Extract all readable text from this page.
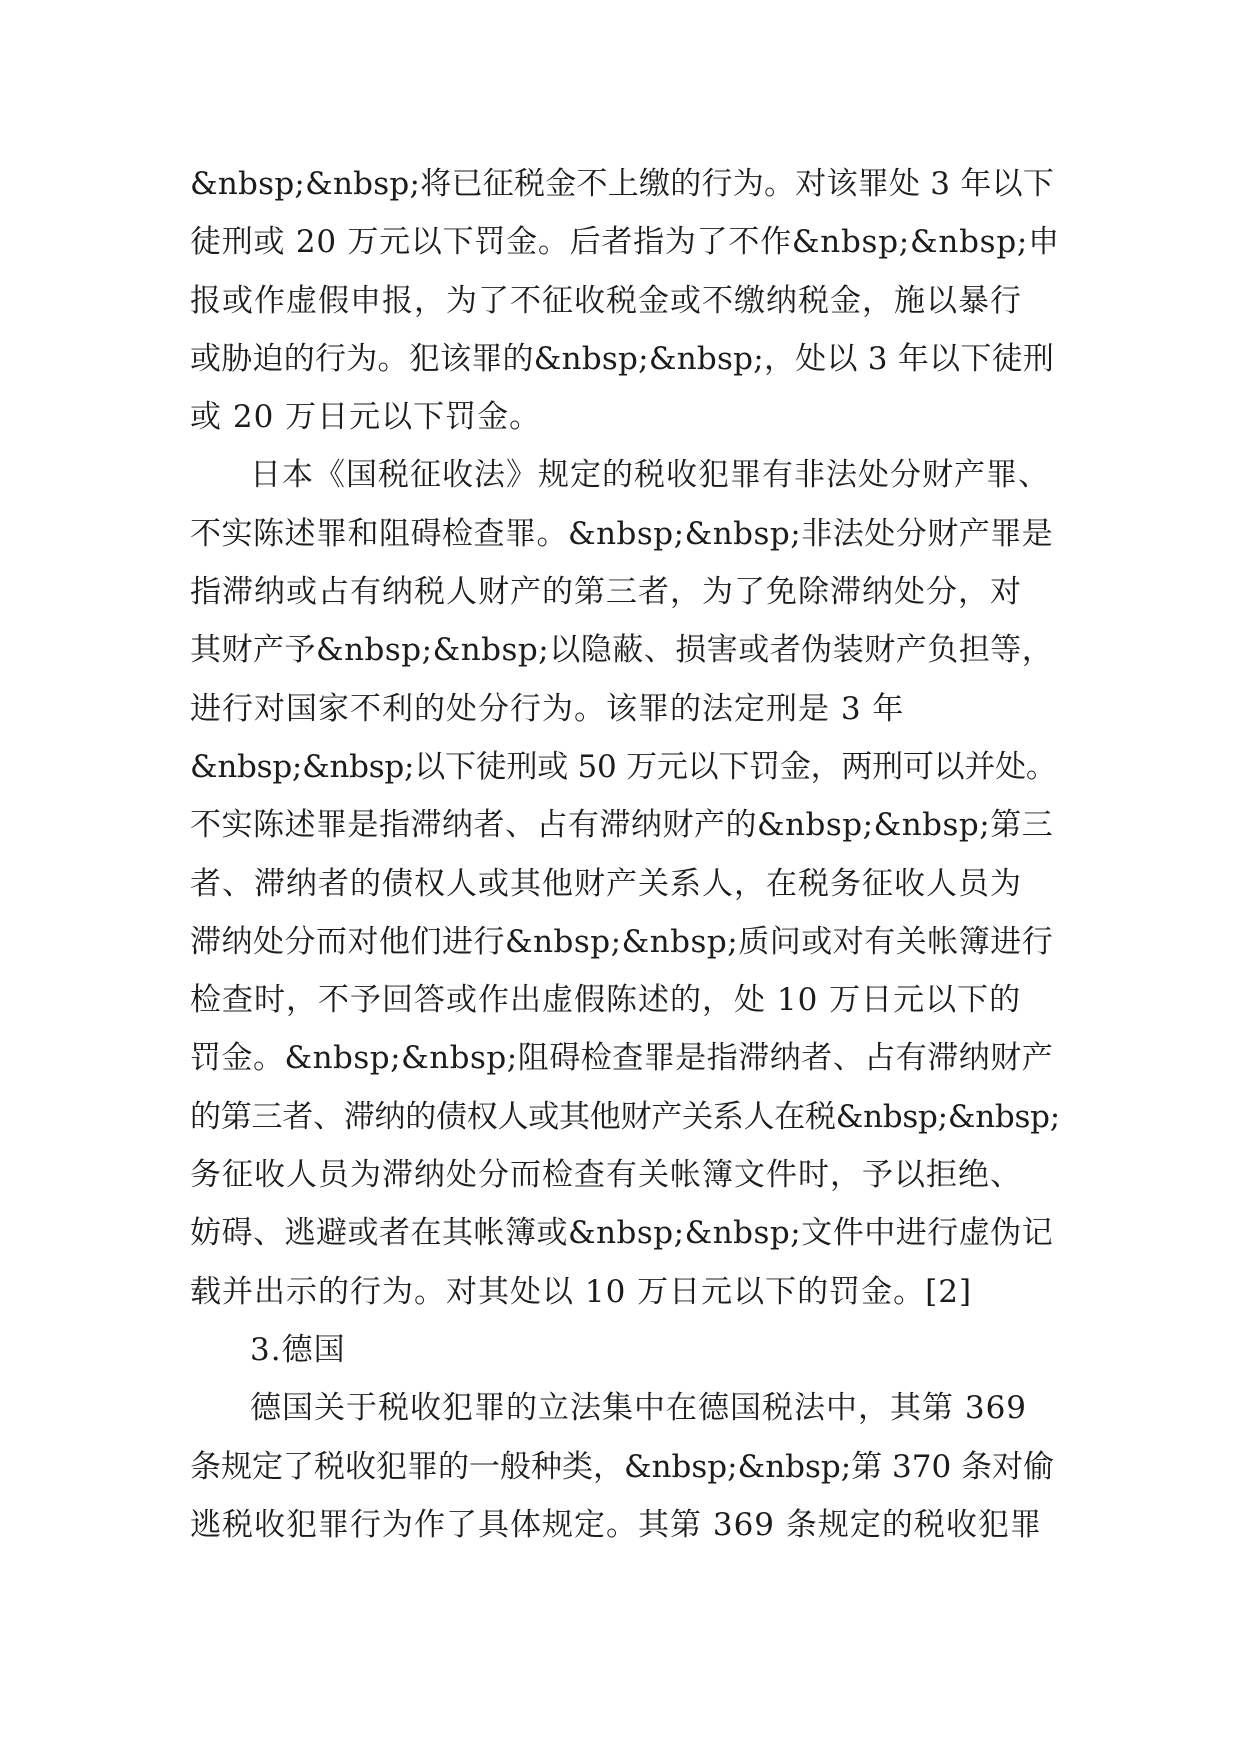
&nbsp;&nbsp;将已征税金不上缴的行为。对该罪处 3 年以下
徒刑或 20 万元以下罚金。后者指为了不作&nbsp;&nbsp;申
报或作虚假申报，为了不征收税金或不缴纳税金，施以暴行
或胁迫的行为。犯该罪的&nbsp;&nbsp;，处以 3 年以下徒刑
或 20 万日元以下罚金。
日本《国税征收法》规定的税收犯罪有非法处分财产罪、
不实陈述罪和阻碍检查罪。&nbsp;&nbsp;非法处分财产罪是
指滞纳或占有纳税人财产的第三者，为了免除滞纳处分，对
其财产予&nbsp;&nbsp;以隐蔽、损害或者伪装财产负担等，
进行对国家不利的处分行为。该罪的法定刑是 3 年
&nbsp;&nbsp;以下徒刑或 50 万元以下罚金，两刑可以并处。
不实陈述罪是指滞纳者、占有滞纳财产的&nbsp;&nbsp;第三
者、滞纳者的债权人或其他财产关系人，在税务征收人员为
滞纳处分而对他们进行&nbsp;&nbsp;质问或对有关帐簿进行
检查时，不予回答或作出虚假陈述的，处 10 万日元以下的
罚金。&nbsp;&nbsp;阻碍检查罪是指滞纳者、占有滞纳财产
的第三者、滞纳的债权人或其他财产关系人在税&nbsp;&nbsp;
务征收人员为滞纳处分而检查有关帐簿文件时，予以拒绝、
妨碍、逃避或者在其帐簿或&nbsp;&nbsp;文件中进行虚伪记
载并出示的行为。对其处以 10 万日元以下的罚金。[2]
3.德国
德国关于税收犯罪的立法集中在德国税法中，其第 369
条规定了税收犯罪的一般种类，&nbsp;&nbsp;第 370 条对偷
逃税收犯罪行为作了具体规定。其第 369 条规定的税收犯罪
